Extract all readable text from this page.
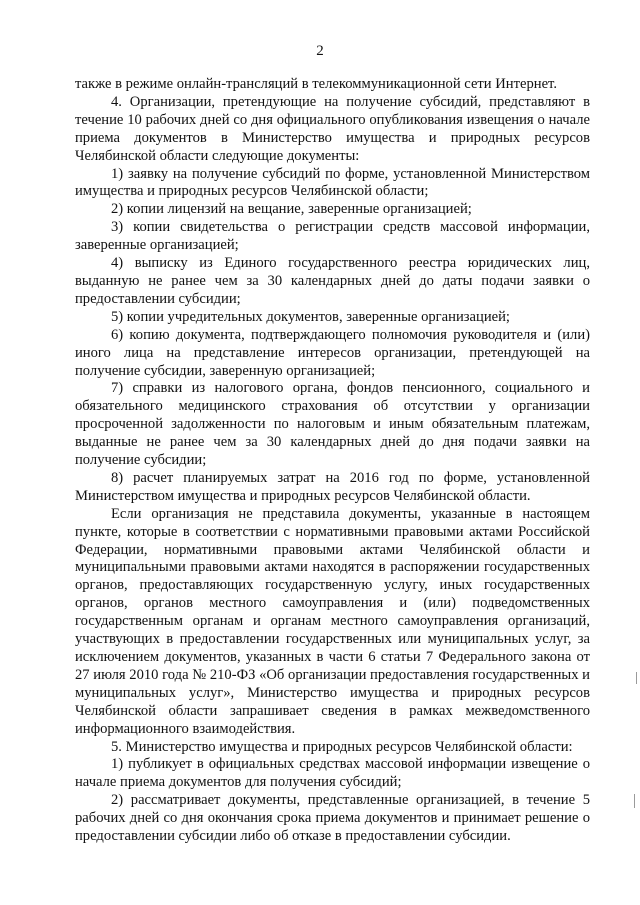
2

также в режиме онлайн-трансляций в телекоммуникационной сети Интернет.

4. Организации, претендующие на получение субсидий, представляют в течение 10 рабочих дней со дня официального опубликования извещения о начале приема документов в Министерство имущества и природных ресурсов Челябинской области следующие документы:

1) заявку на получение субсидий по форме, установленной Министерством имущества и природных ресурсов Челябинской области;

2) копии лицензий на вещание, заверенные организацией;

3) копии свидетельства о регистрации средств массовой информации, заверенные организацией;

4) выписку из Единого государственного реестра юридических лиц, выданную не ранее чем за 30 календарных дней до даты подачи заявки о предоставлении субсидии;

5) копии учредительных документов, заверенные организацией;

6) копию документа, подтверждающего полномочия руководителя и (или) иного лица на представление интересов организации, претендующей на получение субсидии, заверенную организацией;

7) справки из налогового органа, фондов пенсионного, социального и обязательного медицинского страхования об отсутствии у организации просроченной задолженности по налоговым и иным обязательным платежам, выданные не ранее чем за 30 календарных дней до дня подачи заявки на получение субсидии;

8) расчет планируемых затрат на 2016 год по форме, установленной Министерством имущества и природных ресурсов Челябинской области.

Если организация не представила документы, указанные в настоящем пункте, которые в соответствии с нормативными правовыми актами Российской Федерации, нормативными правовыми актами Челябинской области и муниципальными правовыми актами находятся в распоряжении государственных органов, предоставляющих государственную услугу, иных государственных органов, органов местного самоуправления и (или) подведомственных государственным органам и органам местного самоуправления организаций, участвующих в предоставлении государственных или муниципальных услуг, за исключением документов, указанных в части 6 статьи 7 Федерального закона от 27 июля 2010 года № 210-ФЗ «Об организации предоставления государственных и муниципальных услуг», Министерство имущества и природных ресурсов Челябинской области запрашивает сведения в рамках межведомственного информационного взаимодействия.

5. Министерство имущества и природных ресурсов Челябинской области:

1) публикует в официальных средствах массовой информации извещение о начале приема документов для получения субсидий;

2) рассматривает документы, представленные организацией, в течение 5 рабочих дней со дня окончания срока приема документов и принимает решение о предоставлении субсидии либо об отказе в предоставлении субсидии.
